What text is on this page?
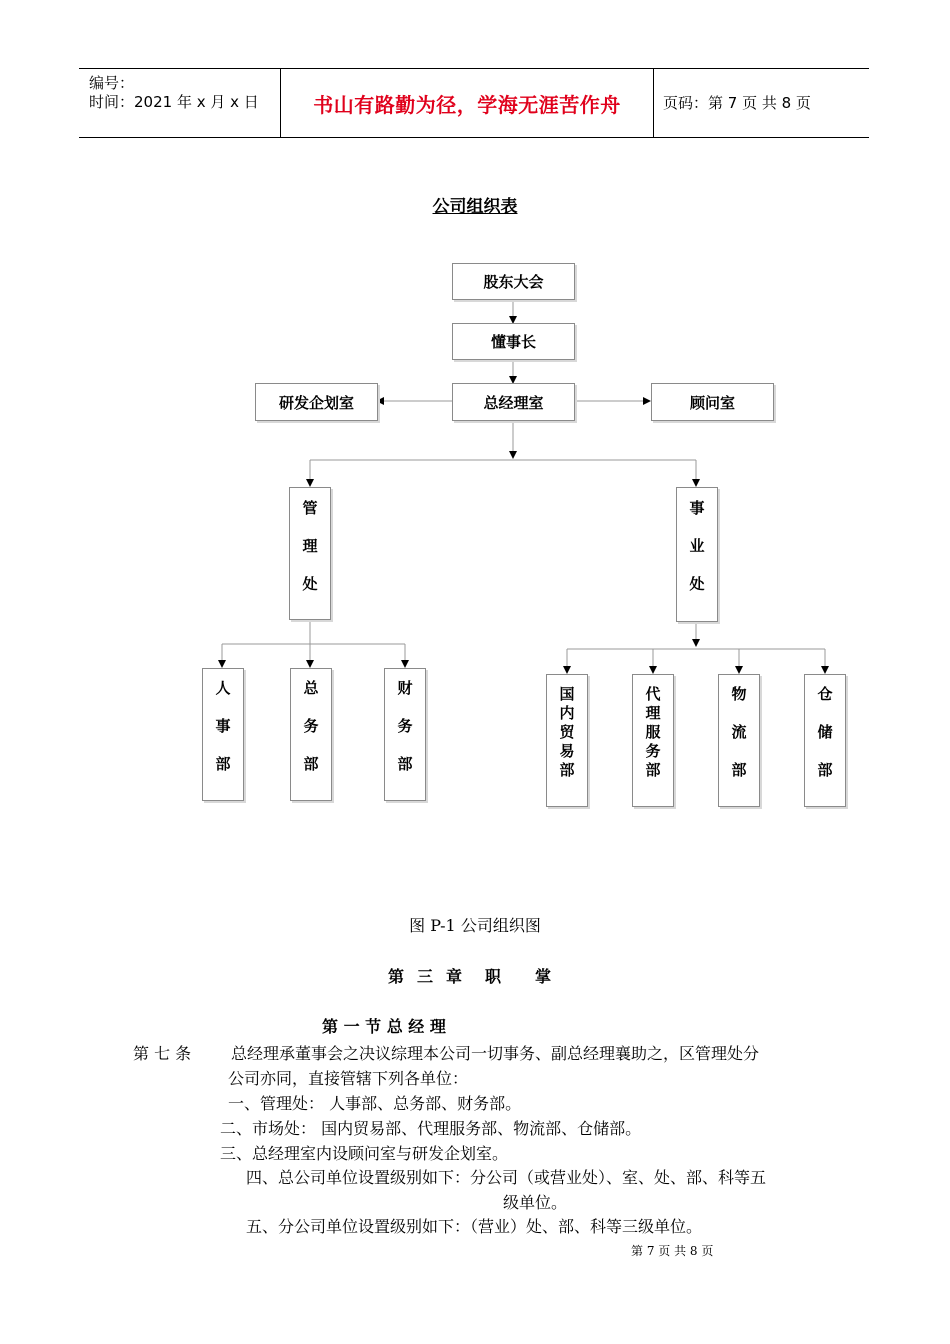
编号：
时间：2021 年 x 月 x 日	书山有路勤为径，学海无涯苦作舟	页码：第 7 页 共 8 页
公司组织表
股东大会
懂事长
总经理室
研发企划室	顾问室
管
理
处
事
业
处
人
事
部
总
务
部
财
务
部
国
内
贸
易
部
代
理
服
务
部
物
流
部
仓
储
部
图 P-1 公司组织图
第 三 章 职 掌
第 一 节 总 经 理
第 七 条 总经理承董事会之决议综理本公司一切事务、副总经理襄助之，区管理处分
公司亦同，直接管辖下列各单位：
一、管理处： 人事部、总务部、财务部。
二、市场处： 国内贸易部、代理服务部、物流部、仓储部。
三、总经理室内设顾问室与研发企划室。
四、总公司单位设置级别如下：分公司（或营业处）、室、处、部、科等五
级单位。
五、分公司单位设置级别如下：（营业）处、部、科等三级单位。
第 7 页 共 8 页
